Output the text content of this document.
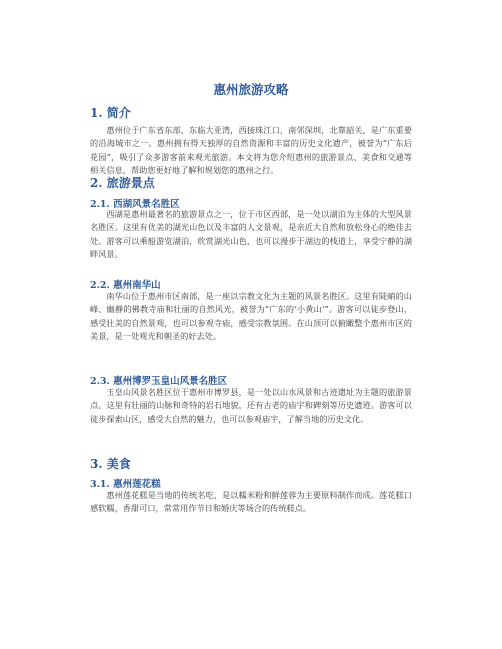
惠州旅游攻略
1. 简介

惠州位于广东省东部，东临大亚湾，西接珠江口，南邻深圳，北靠韶关，是广东重要的沿海城市之一。惠州拥有得天独厚的自然资源和丰富的历史文化遗产，被誉为“广东后花园”，吸引了众多游客前来观光旅游。本文将为您介绍惠州的旅游景点、美食和交通等相关信息，帮助您更好地了解和规划您的惠州之行。

2. 旅游景点
2.1. 西湖风景名胜区

西湖是惠州最著名的旅游景点之一，位于市区西部，是一处以湖泊为主体的大型风景名胜区。这里有优美的湖光山色以及丰富的人文景观，是亲近大自然和放松身心的绝佳去处。游客可以乘船游览湖泊，欣赏湖光山色，也可以漫步于湖边的栈道上，享受宁静的湖畔风景。

2.2. 惠州南华山

南华山位于惠州市区南部，是一座以宗教文化为主题的风景名胜区。这里有陡峭的山峰、幽静的佛教寺庙和壮丽的自然风光，被誉为“广东的‘小黄山’”。游客可以徒步登山，感受壮美的自然景观，也可以参观寺庙，感受宗教氛围。在山顶可以俯瞰整个惠州市区的美景，是一处观光和朝圣的好去处。

2.3. 惠州博罗玉皇山风景名胜区

玉皇山风景名胜区位于惠州市博罗县，是一处以山水风景和古迹遗址为主题的旅游景点。这里有壮丽的山脉和奇特的岩石地貌，还有古老的庙宇和碑刻等历史遗迹。游客可以徒步探索山区，感受大自然的魅力，也可以参观庙宇，了解当地的历史文化。

3. 美食
3.1. 惠州莲花糕

惠州莲花糕是当地的传统名吃，是以糯米粉和鲜莲蓉为主要原料制作而成。莲花糕口感软糯，香甜可口，常常用作节日和婚庆等场合的传统糕点。
